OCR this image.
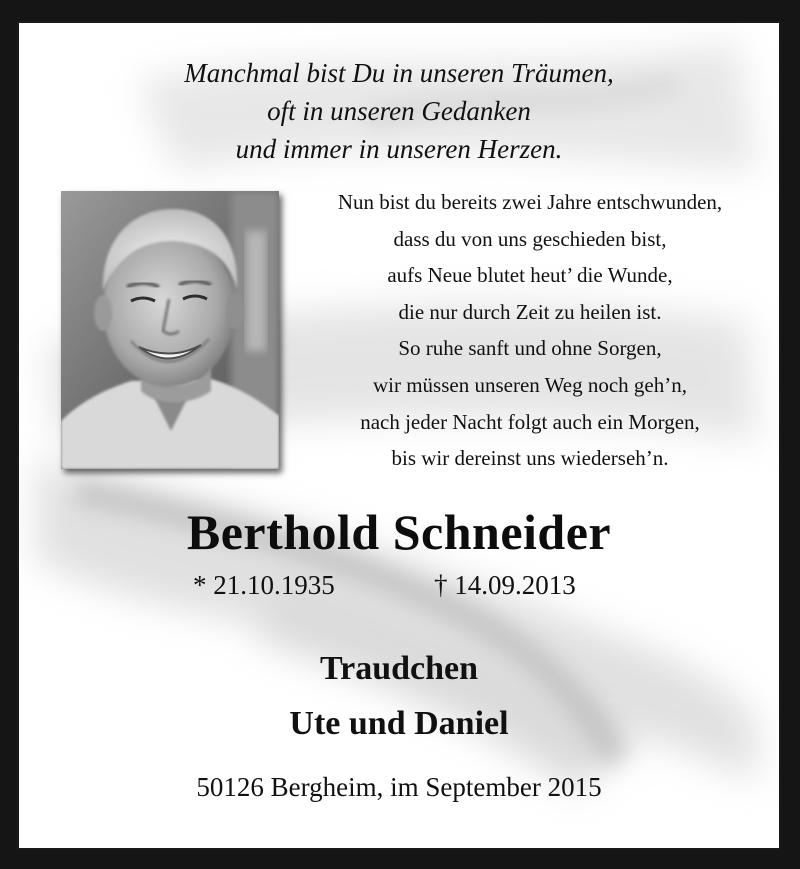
Manchmal bist Du in unseren Träumen,
oft in unseren Gedanken
und immer in unseren Herzen.
Nun bist du bereits zwei Jahre entschwunden,
dass du von uns geschieden bist,
aufs Neue blutet heut’ die Wunde,
die nur durch Zeit zu heilen ist.
So ruhe sanft und ohne Sorgen,
wir müssen unseren Weg noch geh’n,
nach jeder Nacht folgt auch ein Morgen,
bis wir dereinst uns wiederseh’n.
Berthold Schneider
* 21.10.1935	† 14.09.2013
Traudchen
Ute und Daniel
50126 Bergheim, im September 2015
